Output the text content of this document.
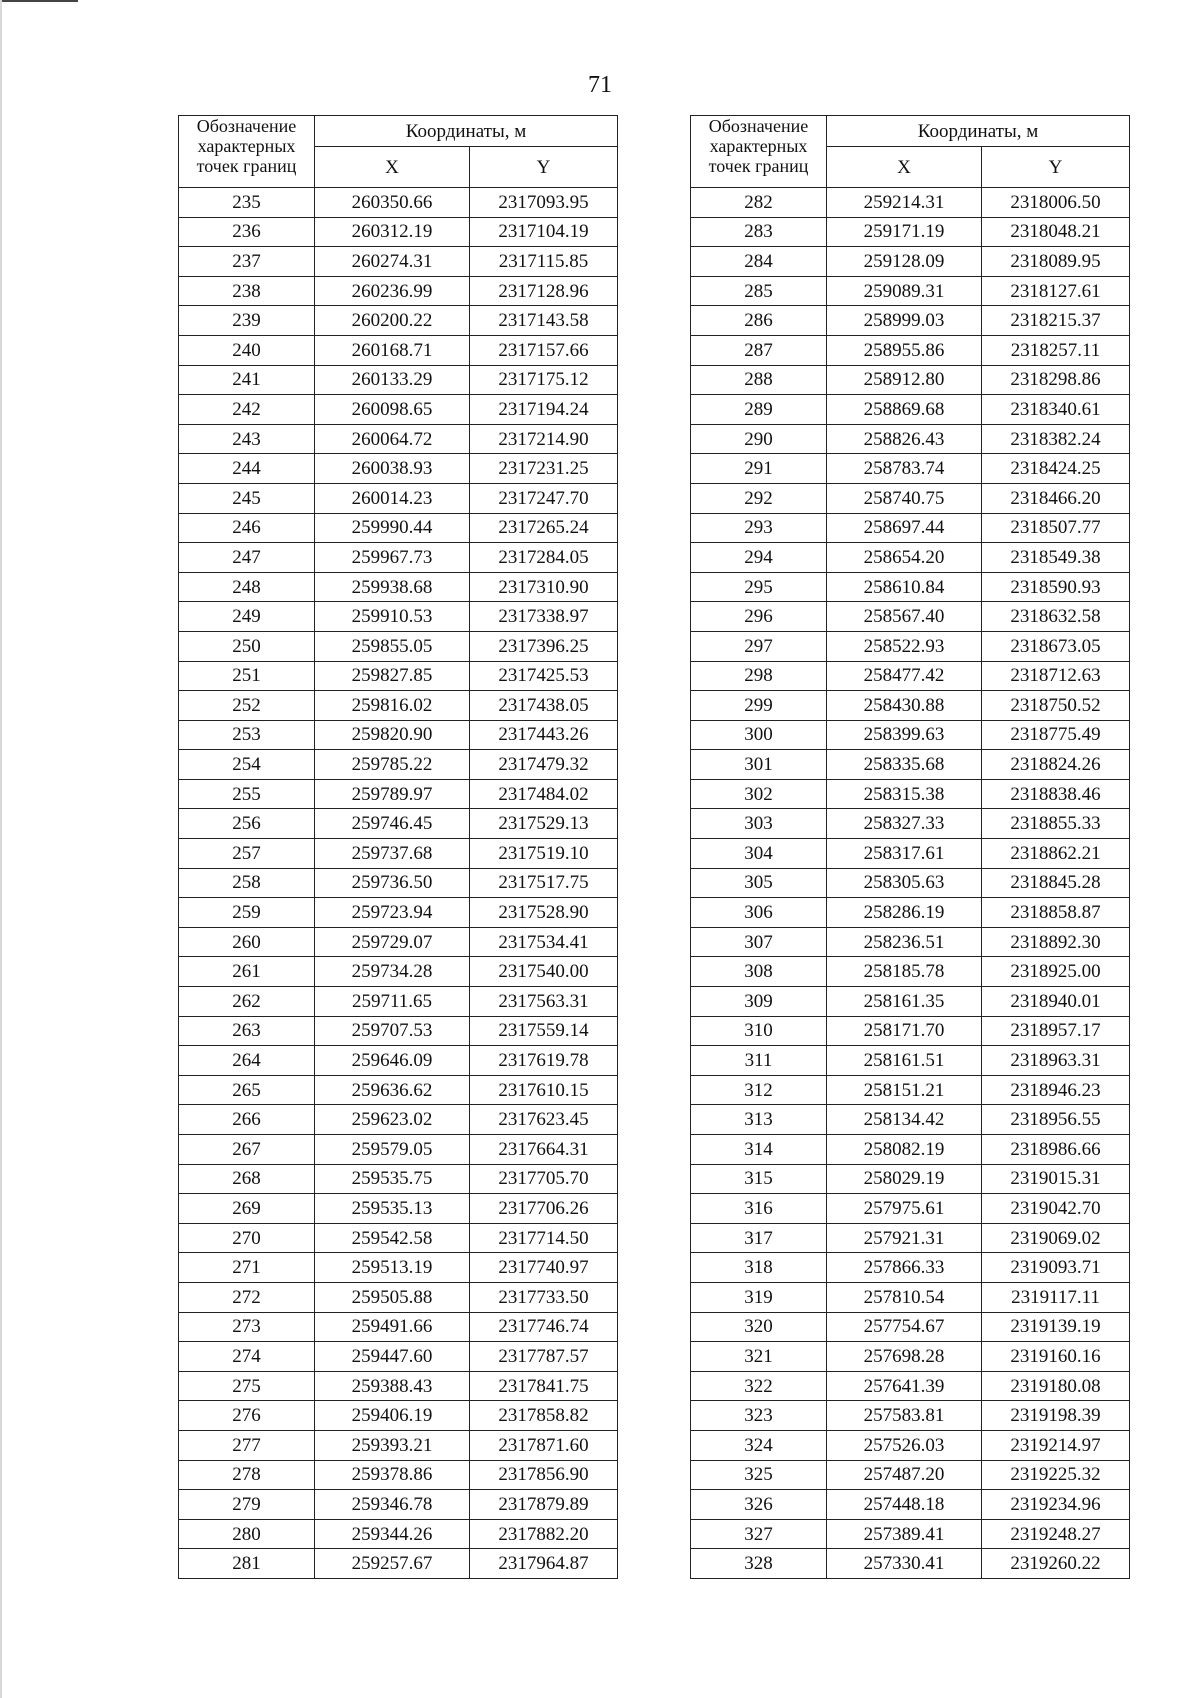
71
Обозначение характерных точек границ	Координаты, м	
	X	Y
235	260350.66	2317093.95
236	260312.19	2317104.19
237	260274.31	2317115.85
238	260236.99	2317128.96
239	260200.22	2317143.58
240	260168.71	2317157.66
241	260133.29	2317175.12
242	260098.65	2317194.24
243	260064.72	2317214.90
244	260038.93	2317231.25
245	260014.23	2317247.70
246	259990.44	2317265.24
247	259967.73	2317284.05
248	259938.68	2317310.90
249	259910.53	2317338.97
250	259855.05	2317396.25
251	259827.85	2317425.53
252	259816.02	2317438.05
253	259820.90	2317443.26
254	259785.22	2317479.32
255	259789.97	2317484.02
256	259746.45	2317529.13
257	259737.68	2317519.10
258	259736.50	2317517.75
259	259723.94	2317528.90
260	259729.07	2317534.41
261	259734.28	2317540.00
262	259711.65	2317563.31
263	259707.53	2317559.14
264	259646.09	2317619.78
265	259636.62	2317610.15
266	259623.02	2317623.45
267	259579.05	2317664.31
268	259535.75	2317705.70
269	259535.13	2317706.26
270	259542.58	2317714.50
271	259513.19	2317740.97
272	259505.88	2317733.50
273	259491.66	2317746.74
274	259447.60	2317787.57
275	259388.43	2317841.75
276	259406.19	2317858.82
277	259393.21	2317871.60
278	259378.86	2317856.90
279	259346.78	2317879.89
280	259344.26	2317882.20
281	259257.67	2317964.87
Обозначение характерных точек границ	Координаты, м	
	X	Y
282	259214.31	2318006.50
283	259171.19	2318048.21
284	259128.09	2318089.95
285	259089.31	2318127.61
286	258999.03	2318215.37
287	258955.86	2318257.11
288	258912.80	2318298.86
289	258869.68	2318340.61
290	258826.43	2318382.24
291	258783.74	2318424.25
292	258740.75	2318466.20
293	258697.44	2318507.77
294	258654.20	2318549.38
295	258610.84	2318590.93
296	258567.40	2318632.58
297	258522.93	2318673.05
298	258477.42	2318712.63
299	258430.88	2318750.52
300	258399.63	2318775.49
301	258335.68	2318824.26
302	258315.38	2318838.46
303	258327.33	2318855.33
304	258317.61	2318862.21
305	258305.63	2318845.28
306	258286.19	2318858.87
307	258236.51	2318892.30
308	258185.78	2318925.00
309	258161.35	2318940.01
310	258171.70	2318957.17
311	258161.51	2318963.31
312	258151.21	2318946.23
313	258134.42	2318956.55
314	258082.19	2318986.66
315	258029.19	2319015.31
316	257975.61	2319042.70
317	257921.31	2319069.02
318	257866.33	2319093.71
319	257810.54	2319117.11
320	257754.67	2319139.19
321	257698.28	2319160.16
322	257641.39	2319180.08
323	257583.81	2319198.39
324	257526.03	2319214.97
325	257487.20	2319225.32
326	257448.18	2319234.96
327	257389.41	2319248.27
328	257330.41	2319260.22
